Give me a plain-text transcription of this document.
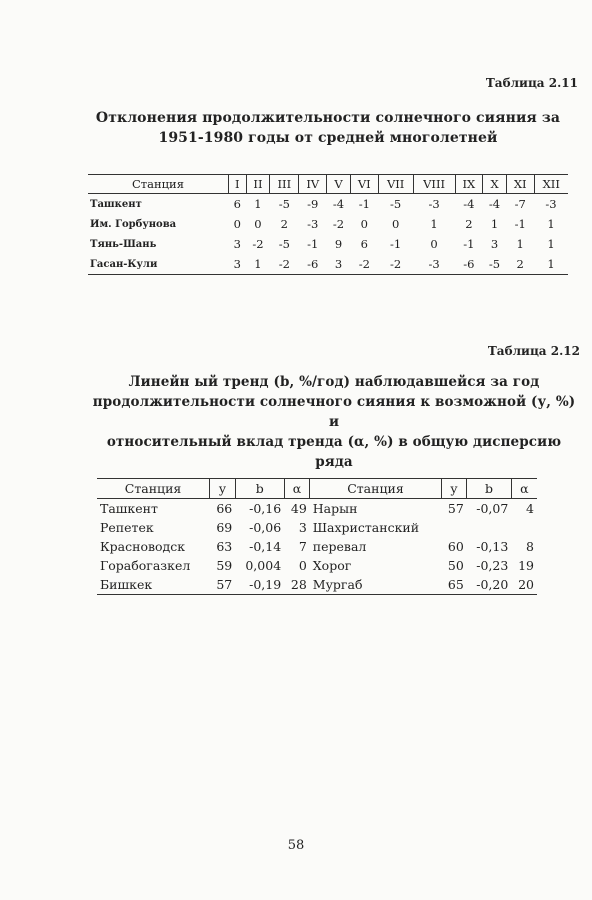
Таблица 2.11
Отклонения продолжительности солнечного сияния за
1951-1980 годы от средней многолетней
Станция	I	II	III	IV	V	VI	VII	VIII	IX	X	XI	XII
Ташкент	6	1	-5	-9	-4	-1	-5	-3	-4	-4	-7	-3
Им. Горбунова	0	0	2	-3	-2	0	0	1	2	1	-1	1
Тянь-Шань	3	-2	-5	-1	9	6	-1	0	-1	3	1	1
Гасан-Кули	3	1	-2	-6	3	-2	-2	-3	-6	-5	2	1
Таблица 2.12
Линейн ый тренд (b, %/год) наблюдавшейся за год
продолжительности солнечного сияния к возможной (у, %) и
относительный вклад тренда (α, %) в общую дисперсию
ряда
Станция	у	b	α	Станция	у	b	α
Ташкент	66	-0,16	49	Нарын	57	-0,07	4
Репетек	69	-0,06	3	Шахристанский			
Красноводск	63	-0,14	7	перевал	60	-0,13	8
Горабогазкел	59	0,004	0	Хорог	50	-0,23	19
Бишкек	57	-0,19	28	Мургаб	65	-0,20	20
58
